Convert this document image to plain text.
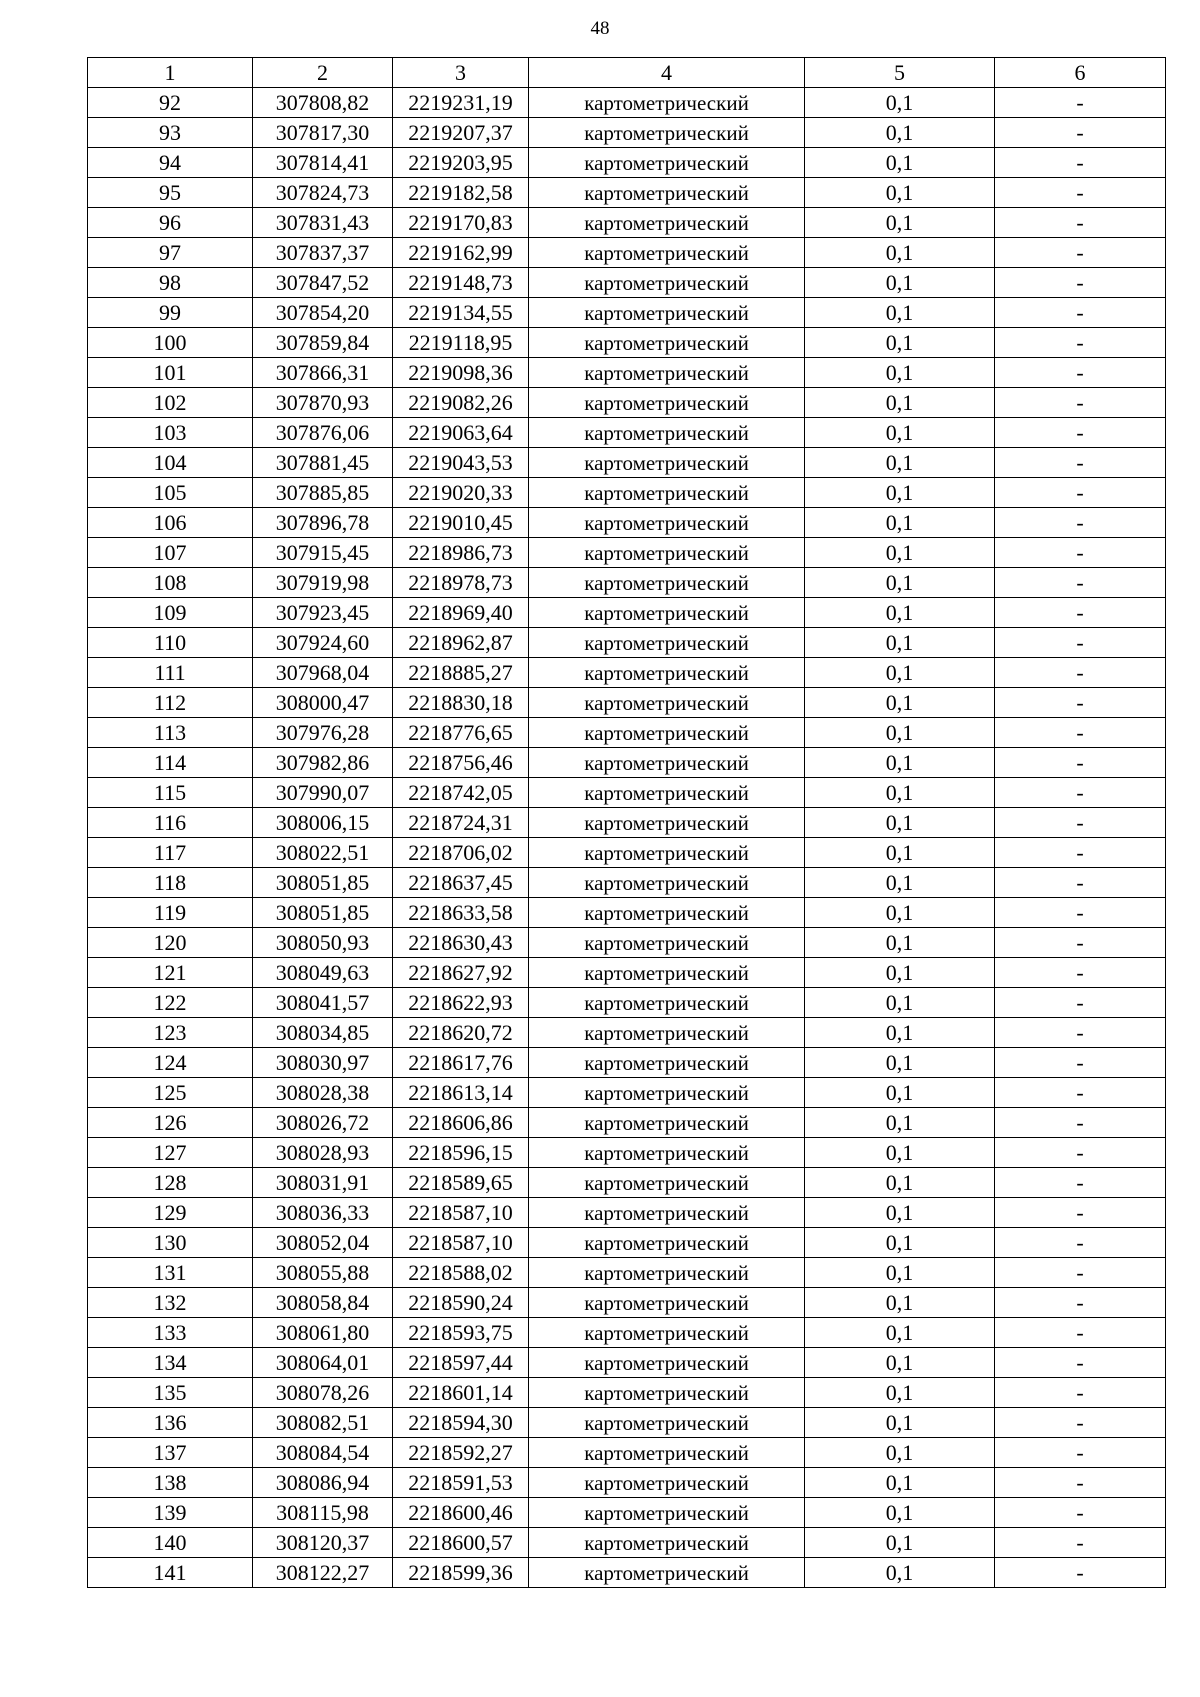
48
1	2	3	4	5	6
92	307808,82	2219231,19	картометрический	0,1	-
93	307817,30	2219207,37	картометрический	0,1	-
94	307814,41	2219203,95	картометрический	0,1	-
95	307824,73	2219182,58	картометрический	0,1	-
96	307831,43	2219170,83	картометрический	0,1	-
97	307837,37	2219162,99	картометрический	0,1	-
98	307847,52	2219148,73	картометрический	0,1	-
99	307854,20	2219134,55	картометрический	0,1	-
100	307859,84	2219118,95	картометрический	0,1	-
101	307866,31	2219098,36	картометрический	0,1	-
102	307870,93	2219082,26	картометрический	0,1	-
103	307876,06	2219063,64	картометрический	0,1	-
104	307881,45	2219043,53	картометрический	0,1	-
105	307885,85	2219020,33	картометрический	0,1	-
106	307896,78	2219010,45	картометрический	0,1	-
107	307915,45	2218986,73	картометрический	0,1	-
108	307919,98	2218978,73	картометрический	0,1	-
109	307923,45	2218969,40	картометрический	0,1	-
110	307924,60	2218962,87	картометрический	0,1	-
111	307968,04	2218885,27	картометрический	0,1	-
112	308000,47	2218830,18	картометрический	0,1	-
113	307976,28	2218776,65	картометрический	0,1	-
114	307982,86	2218756,46	картометрический	0,1	-
115	307990,07	2218742,05	картометрический	0,1	-
116	308006,15	2218724,31	картометрический	0,1	-
117	308022,51	2218706,02	картометрический	0,1	-
118	308051,85	2218637,45	картометрический	0,1	-
119	308051,85	2218633,58	картометрический	0,1	-
120	308050,93	2218630,43	картометрический	0,1	-
121	308049,63	2218627,92	картометрический	0,1	-
122	308041,57	2218622,93	картометрический	0,1	-
123	308034,85	2218620,72	картометрический	0,1	-
124	308030,97	2218617,76	картометрический	0,1	-
125	308028,38	2218613,14	картометрический	0,1	-
126	308026,72	2218606,86	картометрический	0,1	-
127	308028,93	2218596,15	картометрический	0,1	-
128	308031,91	2218589,65	картометрический	0,1	-
129	308036,33	2218587,10	картометрический	0,1	-
130	308052,04	2218587,10	картометрический	0,1	-
131	308055,88	2218588,02	картометрический	0,1	-
132	308058,84	2218590,24	картометрический	0,1	-
133	308061,80	2218593,75	картометрический	0,1	-
134	308064,01	2218597,44	картометрический	0,1	-
135	308078,26	2218601,14	картометрический	0,1	-
136	308082,51	2218594,30	картометрический	0,1	-
137	308084,54	2218592,27	картометрический	0,1	-
138	308086,94	2218591,53	картометрический	0,1	-
139	308115,98	2218600,46	картометрический	0,1	-
140	308120,37	2218600,57	картометрический	0,1	-
141	308122,27	2218599,36	картометрический	0,1	-
